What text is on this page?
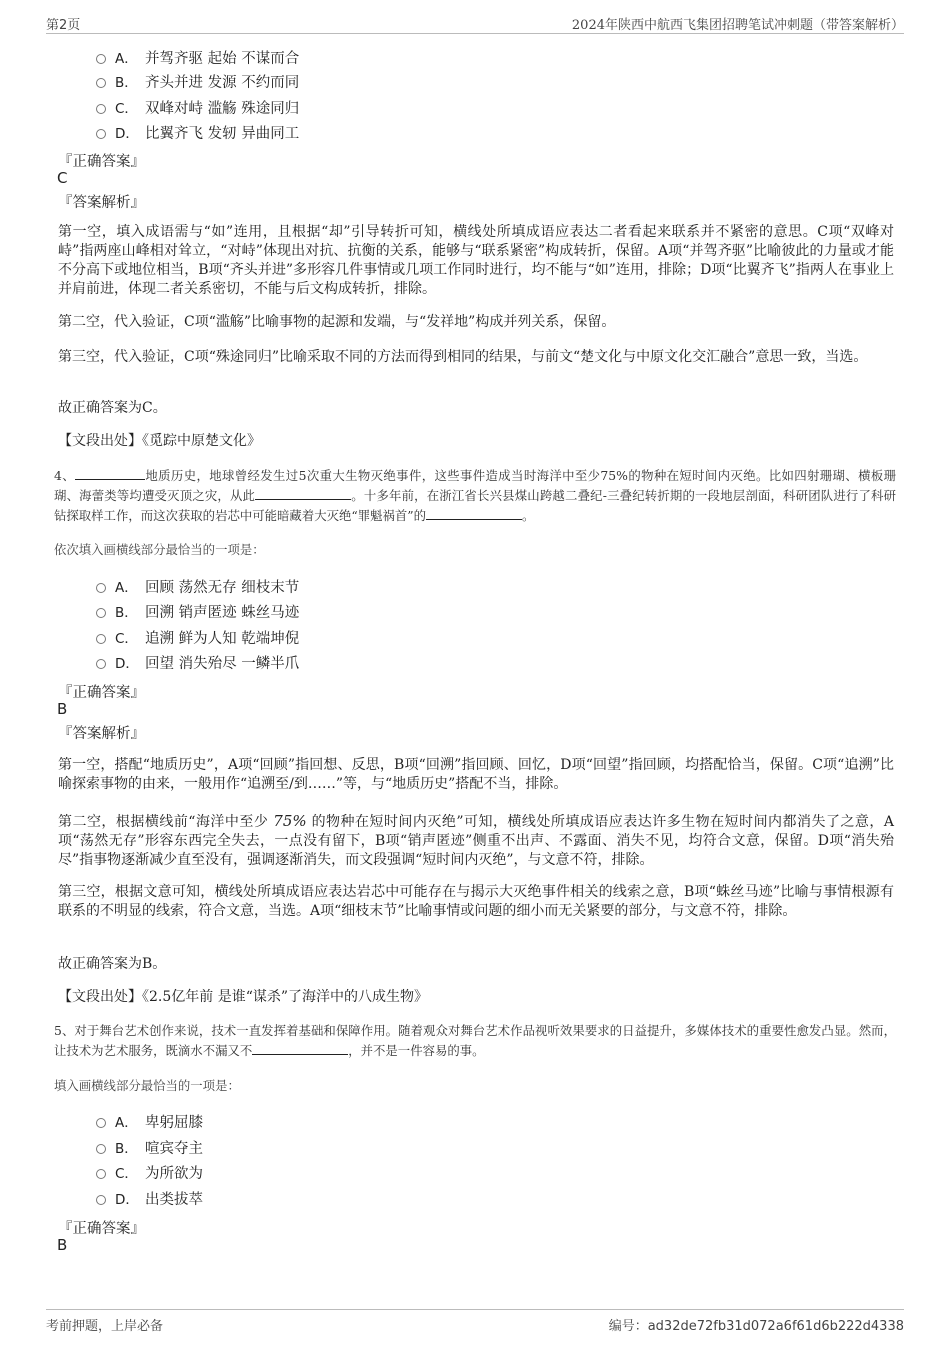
第2页	2024年陕西中航西飞集团招聘笔试冲刺题（带答案解析）
A． 并驾齐驱 起始 不谋而合
B． 齐头并进 发源 不约而同
C． 双峰对峙 滥觞 殊途同归
D． 比翼齐飞 发轫 异曲同工
『正确答案』
C
『答案解析』
第一空，填入成语需与“如”连用，且根据“却”引导转折可知，横线处所填成语应表达二者看起来联系并不紧密的意思。C项“双峰对峙”指两座山峰相对耸立，“对峙”体现出对抗、抗衡的关系，能够与“联系紧密”构成转折，保留。A项“并驾齐驱”比喻彼此的力量或才能不分高下或地位相当，B项“齐头并进”多形容几件事情或几项工作同时进行，均不能与“如”连用，排除；D项“比翼齐飞”指两人在事业上并肩前进，体现二者关系密切，不能与后文构成转折，排除。
第二空，代入验证，C项“滥觞”比喻事物的起源和发端，与“发祥地”构成并列关系，保留。
第三空，代入验证，C项“殊途同归”比喻采取不同的方法而得到相同的结果，与前文“楚文化与中原文化交汇融合”意思一致，当选。
故正确答案为C。
【文段出处】《觅踪中原楚文化》
4、	地质历史，地球曾经发生过5次重大生物灭绝事件，这些事件造成当时海洋中至少75%的物种在短时间内灭绝。比如四射珊瑚、横板珊瑚、海蕾类等均遭受灭顶之灾，从此	。十多年前，在浙江省长兴县煤山跨越二叠纪-三叠纪转折期的一段地层剖面，科研团队进行了科研钻探取样工作，而这次获取的岩芯中可能暗藏着大灭绝“罪魁祸首”的	。
依次填入画横线部分最恰当的一项是：
A． 回顾 荡然无存 细枝末节
B． 回溯 销声匿迹 蛛丝马迹
C． 追溯 鲜为人知 乾端坤倪
D． 回望 消失殆尽 一鳞半爪
『正确答案』
B
『答案解析』
第一空，搭配“地质历史”，A项“回顾”指回想、反思，B项“回溯”指回顾、回忆，D项“回望”指回顾，均搭配恰当，保留。C项“追溯”比喻探索事物的由来，一般用作“追溯至/到……”等，与“地质历史”搭配不当，排除。
第二空，根据横线前“海洋中至少 75% 的物种在短时间内灭绝”可知，横线处所填成语应表达许多生物在短时间内都消失了之意，A项“荡然无存”形容东西完全失去，一点没有留下，B项“销声匿迹”侧重不出声、不露面、消失不见，均符合文意，保留。D项“消失殆尽”指事物逐渐减少直至没有，强调逐渐消失，而文段强调“短时间内灭绝”，与文意不符，排除。
第三空，根据文意可知，横线处所填成语应表达岩芯中可能存在与揭示大灭绝事件相关的线索之意，B项“蛛丝马迹”比喻与事情根源有联系的不明显的线索，符合文意，当选。A项“细枝末节”比喻事情或问题的细小而无关紧要的部分，与文意不符，排除。
故正确答案为B。
【文段出处】《2.5亿年前 是谁“谋杀”了海洋中的八成生物》
5、对于舞台艺术创作来说，技术一直发挥着基础和保障作用。随着观众对舞台艺术作品视听效果要求的日益提升，多媒体技术的重要性愈发凸显。然而，让技术为艺术服务，既滴水不漏又不	，并不是一件容易的事。
填入画横线部分最恰当的一项是：
A． 卑躬屈膝
B． 喧宾夺主
C． 为所欲为
D． 出类拔萃
『正确答案』
B
考前押题，上岸必备	编号：ad32de72fb31d072a6f61d6b222d4338
